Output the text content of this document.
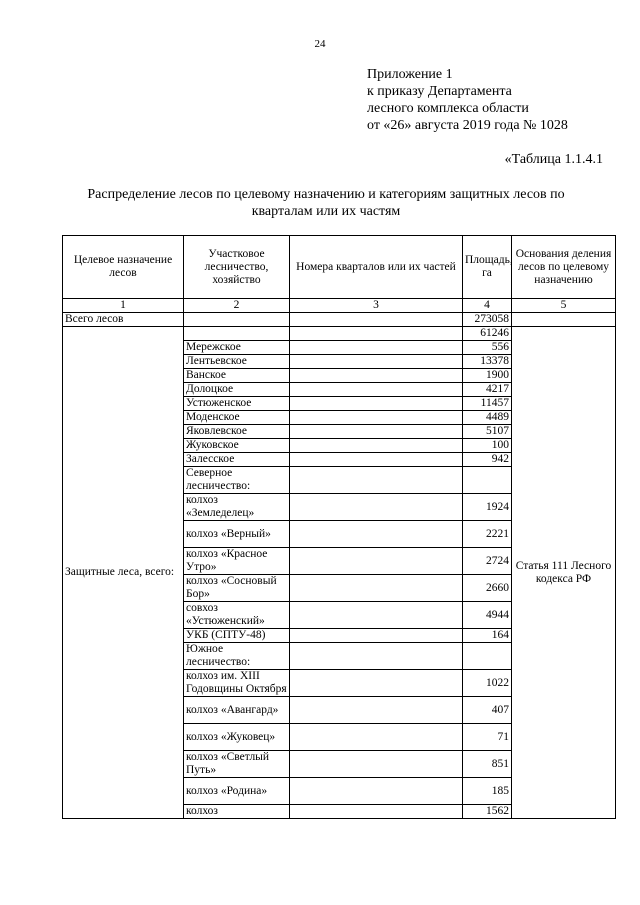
24
Приложение 1
к приказу Департамента
лесного комплекса области
от «26» августа 2019 года № 1028
«Таблица 1.1.4.1
Распределение лесов по целевому назначению и категориям защитных лесов по кварталам или их частям
Целевое назначение лесов	Участковое лесничество, хозяйство	Номера кварталов или их частей	Площадь, га	Основания деления лесов по целевому назначению
1	2	3	4	5
Всего лесов			273058	
Защитные леса, всего:			61246	Статья 111 Лесного кодекса РФ
	Мережское		556	
	Лентьевское		13378	
	Ванское		1900	
	Долоцкое		4217	
	Устюженское		11457	
	Моденское		4489	
	Яковлевское		5107	
	Жуковское		100	
	Залесское		942	
	Северное лесничество:			
	колхоз «Земледелец»		1924	
	колхоз «Верный»		2221	
	колхоз «Красное Утро»		2724	
	колхоз «Сосновый Бор»		2660	
	совхоз «Устюженский»		4944	
	УКБ (СПТУ-48)		164	
	Южное лесничество:			
	колхоз им. XIII Годовщины Октября		1022	
	колхоз «Авангард»		407	
	колхоз «Жуковец»		71	
	колхоз «Светлый Путь»		851	
	колхоз «Родина»		185	
	колхоз		1562	
